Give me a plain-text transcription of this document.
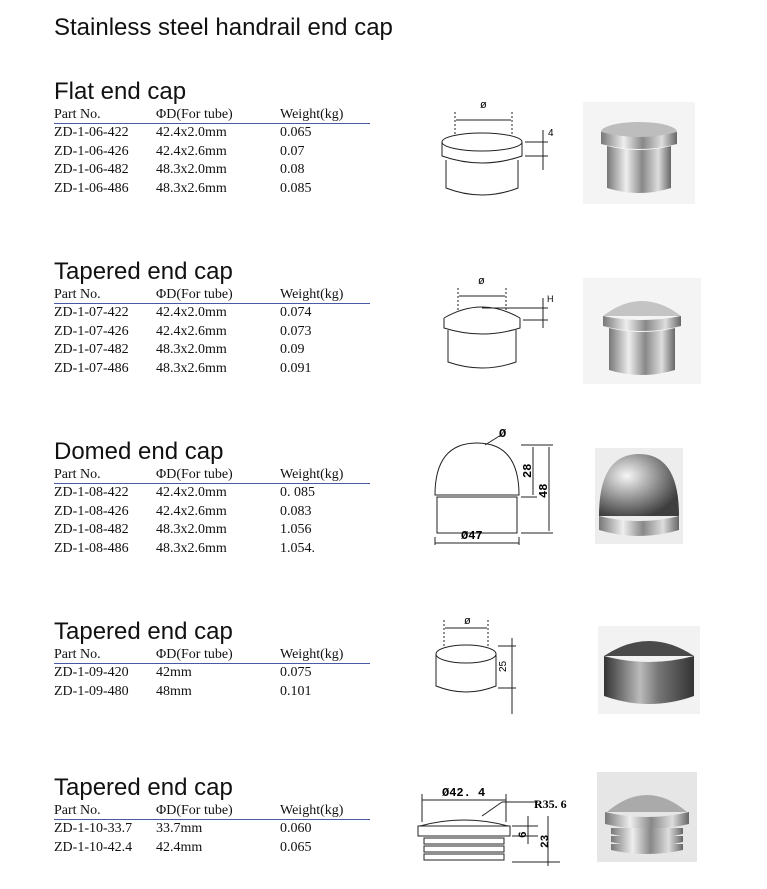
Stainless steel handrail end cap
Flat end cap
Part No.	ΦD(For tube)	Weight(kg)
ZD-1-06-422	42.4x2.0mm	0.065
ZD-1-06-426	42.4x2.6mm	0.07
ZD-1-06-482	48.3x2.0mm	0.08
ZD-1-06-486	48.3x2.6mm	0.085
Tapered end cap
Part No.	ΦD(For tube)	Weight(kg)
ZD-1-07-422	42.4x2.0mm	0.074
ZD-1-07-426	42.4x2.6mm	0.073
ZD-1-07-482	48.3x2.0mm	0.09
ZD-1-07-486	48.3x2.6mm	0.091
Domed end cap
Part No.	ΦD(For tube)	Weight(kg)
ZD-1-08-422	42.4x2.0mm	0. 085
ZD-1-08-426	42.4x2.6mm	0.083
ZD-1-08-482	48.3x2.0mm	1.056
ZD-1-08-486	48.3x2.6mm	1.054.
Tapered end cap
Part No.	ΦD(For tube)	Weight(kg)
ZD-1-09-420	42mm	0.075
ZD-1-09-480	48mm	0.101
Tapered end cap
Part No.	ΦD(For tube)	Weight(kg)
ZD-1-10-33.7	33.7mm	0.060
ZD-1-10-42.4	42.4mm	0.065
ø
4
ø
H
Ø
28
48
Ø47
ø
25
Ø42. 4
R35. 6
6
23
